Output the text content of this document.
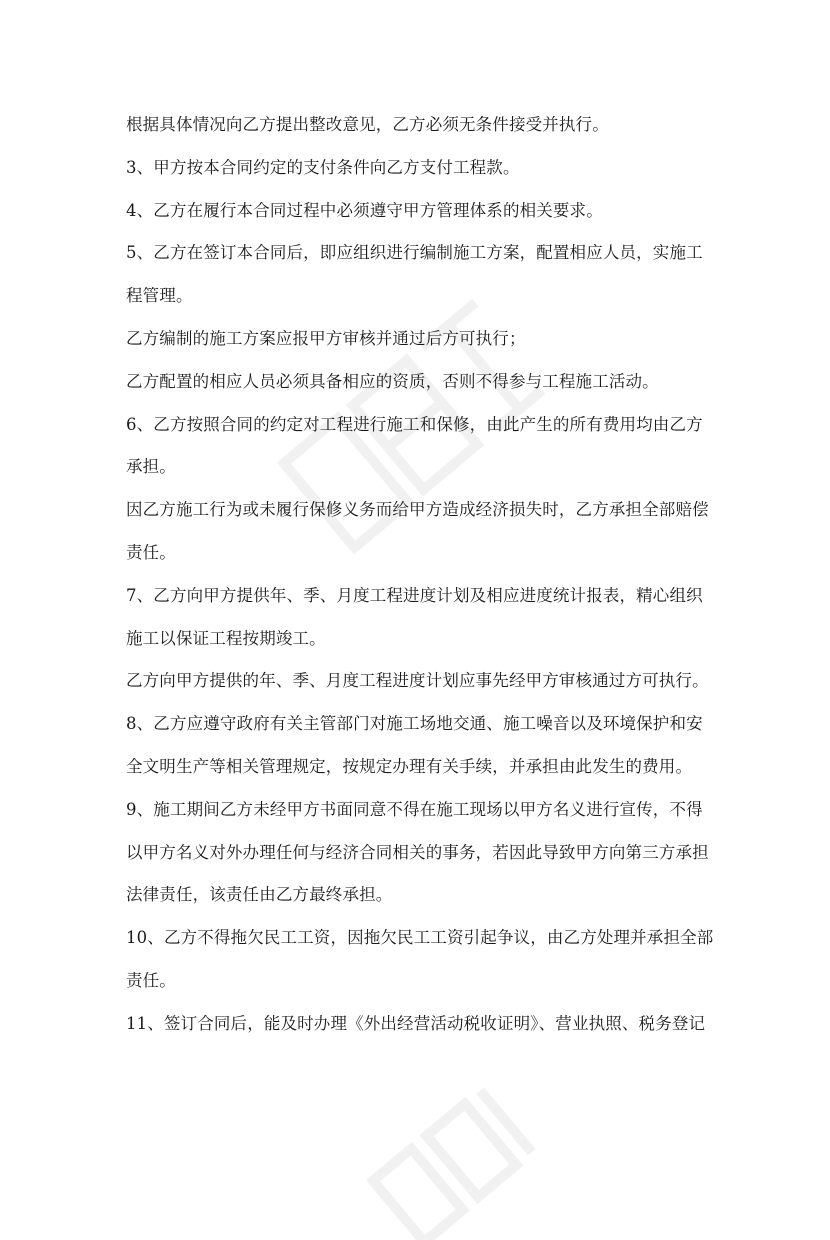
根据具体情况向乙方提出整改意见，乙方必须无条件接受并执行。
3、甲方按本合同约定的支付条件向乙方支付工程款。
4、乙方在履行本合同过程中必须遵守甲方管理体系的相关要求。
5、乙方在签订本合同后，即应组织进行编制施工方案，配置相应人员，实施工
程管理。
乙方编制的施工方案应报甲方审核并通过后方可执行；
乙方配置的相应人员必须具备相应的资质，否则不得参与工程施工活动。
6、乙方按照合同的约定对工程进行施工和保修，由此产生的所有费用均由乙方
承担。
因乙方施工行为或未履行保修义务而给甲方造成经济损失时，乙方承担全部赔偿
责任。
7、乙方向甲方提供年、季、月度工程进度计划及相应进度统计报表，精心组织
施工以保证工程按期竣工。
乙方向甲方提供的年、季、月度工程进度计划应事先经甲方审核通过方可执行。
8、乙方应遵守政府有关主管部门对施工场地交通、施工噪音以及环境保护和安
全文明生产等相关管理规定，按规定办理有关手续，并承担由此发生的费用。
9、施工期间乙方未经甲方书面同意不得在施工现场以甲方名义进行宣传，不得
以甲方名义对外办理任何与经济合同相关的事务，若因此导致甲方向第三方承担
法律责任，该责任由乙方最终承担。
10、乙方不得拖欠民工工资，因拖欠民工工资引起争议，由乙方处理并承担全部
责任。
11、签订合同后，能及时办理《外出经营活动税收证明》、营业执照、税务登记
